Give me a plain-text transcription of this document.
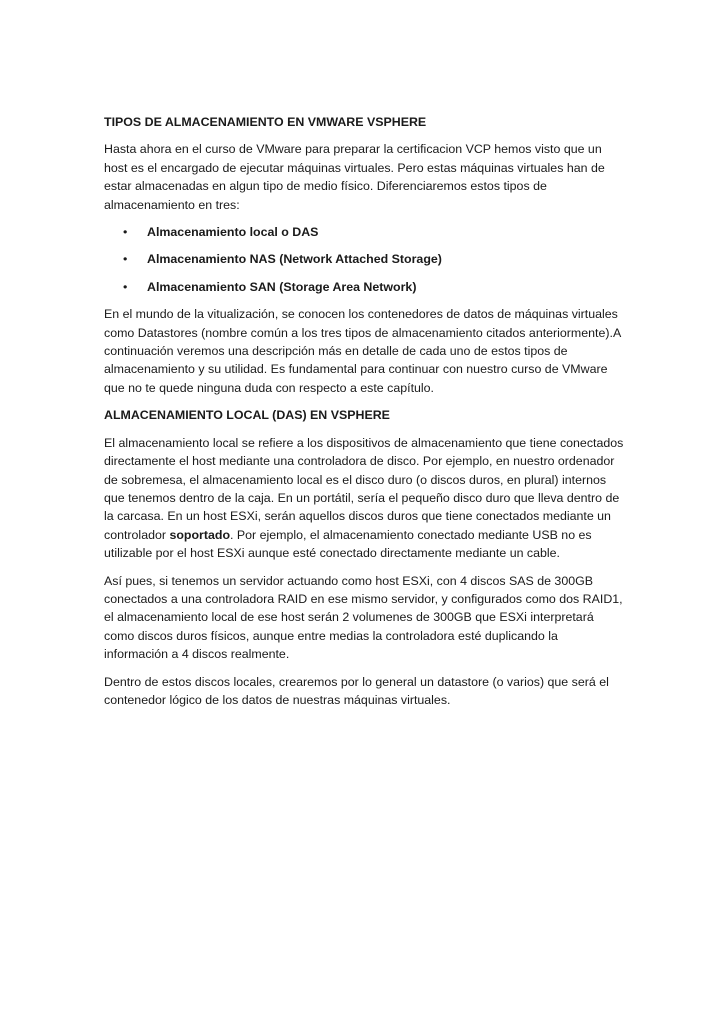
TIPOS DE ALMACENAMIENTO EN VMWARE VSPHERE

Hasta ahora en el curso de VMware para preparar la certificacion VCP hemos visto que un host es el encargado de ejecutar máquinas virtuales. Pero estas máquinas virtuales han de estar almacenadas en algun tipo de medio físico. Diferenciaremos estos tipos de almacenamiento en tres:

• Almacenamiento local o DAS
• Almacenamiento NAS (Network Attached Storage)
• Almacenamiento SAN (Storage Area Network)

En el mundo de la vitualización, se conocen los contenedores de datos de máquinas virtuales como Datastores (nombre común a los tres tipos de almacenamiento citados anteriormente).A continuación veremos una descripción más en detalle de cada uno de estos tipos de almacenamiento y su utilidad. Es fundamental para continuar con nuestro curso de VMware que no te quede ninguna duda con respecto a este capítulo.

ALMACENAMIENTO LOCAL (DAS) EN VSPHERE

El almacenamiento local se refiere a los dispositivos de almacenamiento que tiene conectados directamente el host mediante una controladora de disco. Por ejemplo, en nuestro ordenador de sobremesa, el almacenamiento local es el disco duro (o discos duros, en plural) internos que tenemos dentro de la caja. En un portátil, sería el pequeño disco duro que lleva dentro de la carcasa. En un host ESXi, serán aquellos discos duros que tiene conectados mediante un controlador soportado. Por ejemplo, el almacenamiento conectado mediante USB no es utilizable por el host ESXi aunque esté conectado directamente mediante un cable.

Así pues, si tenemos un servidor actuando como host ESXi, con 4 discos SAS de 300GB conectados a una controladora RAID en ese mismo servidor, y configurados como dos RAID1, el almacenamiento local de ese host serán 2 volumenes de 300GB que ESXi interpretará como discos duros físicos, aunque entre medias la controladora esté duplicando la información a 4 discos realmente.

Dentro de estos discos locales, crearemos por lo general un datastore (o varios) que será el contenedor lógico de los datos de nuestras máquinas virtuales.
